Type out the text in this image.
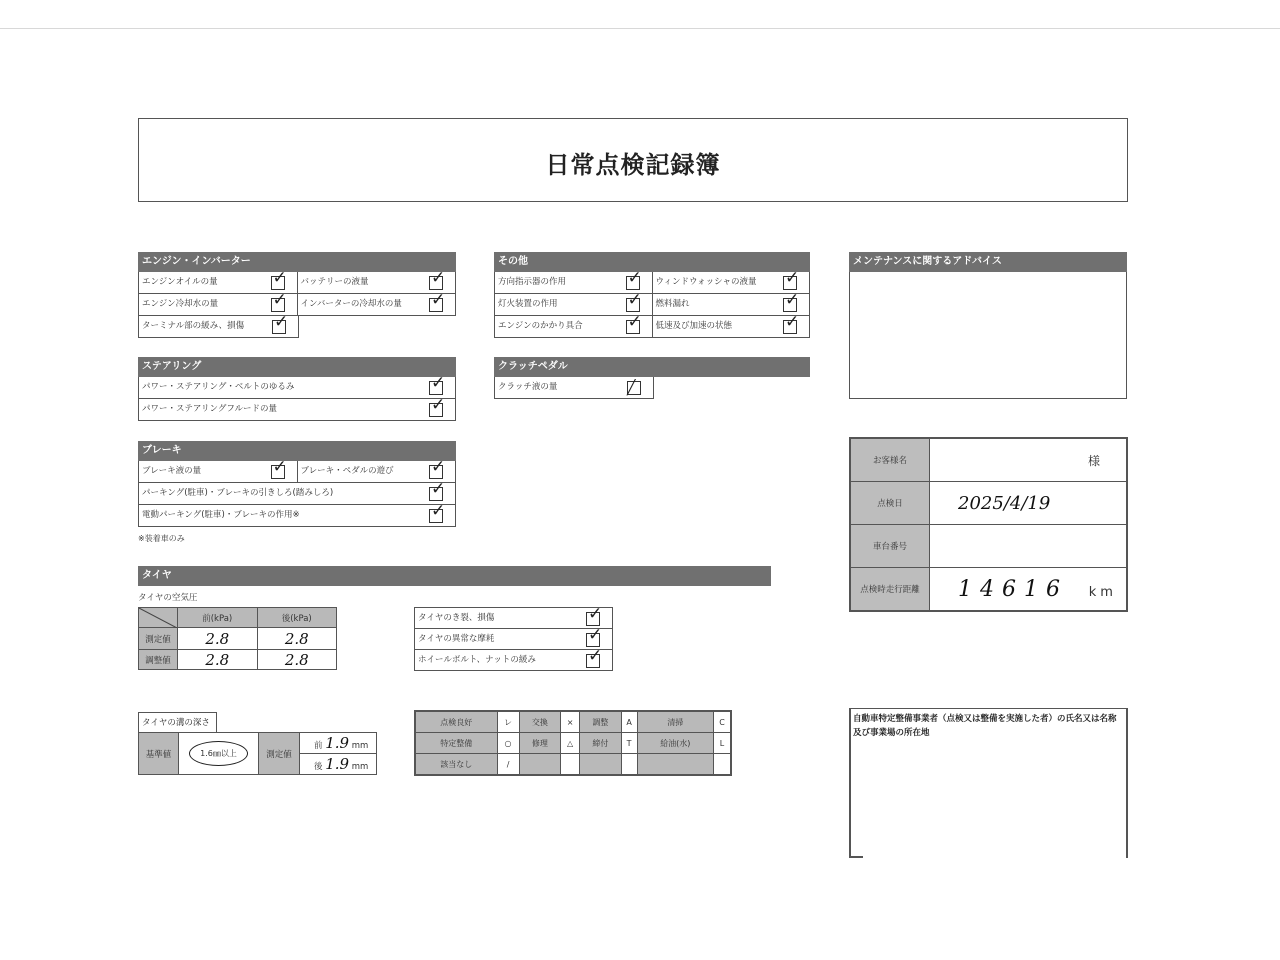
日常点検記録簿
エンジン・インバーター
エンジンオイルの量	✓	バッテリーの液量	✓
エンジン冷却水の量	✓	インバーターの冷却水の量	✓
ターミナル部の緩み、損傷	✓
その他
方向指示器の作用	✓	ウィンドウォッシャの液量	✓
灯火装置の作用	✓	燃料漏れ	✓
エンジンのかかり具合	✓	低速及び加速の状態	✓
メンテナンスに関するアドバイス
ステアリング
パワー・ステアリング・ベルトのゆるみ	✓
パワー・ステアリングフルードの量	✓
クラッチペダル
クラッチ液の量	╱
ブレーキ
ブレーキ液の量	✓	ブレーキ・ペダルの遊び	✓
パーキング(駐車)・ブレーキの引きしろ(踏みしろ)	✓
電動パーキング(駐車)・ブレーキの作用※	✓
※装着車のみ
お客様名	様
点検日	2025/4/19
車台番号	
点検時走行距離	14616 km
タイヤ
タイヤの空気圧
	前(kPa)	後(kPa)
測定値	2.8	2.8
調整値	2.8	2.8
タイヤのき裂、損傷	✓
タイヤの異常な摩耗	✓
ホイールボルト、ナットの緩み	✓
タイヤの溝の深さ
基準値	1.6㎜以上	測定値	前 1.9 mm
後 1.9 mm
点検良好	レ	交換	×	調整	A	清掃	C
特定整備	○	修理	△	締付	T	給油(水)	L
該当なし	/						
自動車特定整備事業者（点検又は整備を実施した者）の氏名又は名称及び事業場の所在地
